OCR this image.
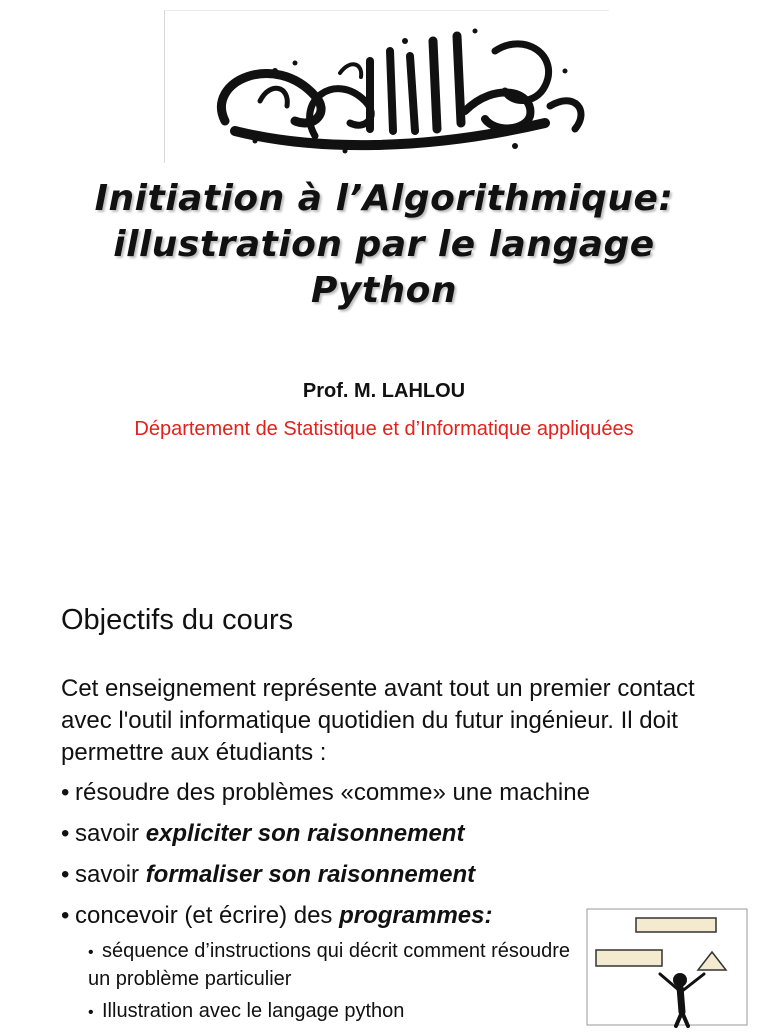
Initiation à l’Algorithmique: illustration par le langage Python
Prof. M. LAHLOU
Département de Statistique et d’Informatique appliquées
Objectifs du cours
Cet enseignement représente avant tout un premier contact avec l'outil informatique quotidien du futur ingénieur. Il doit permettre aux étudiants :
• résoudre des problèmes «comme» une machine
• savoir expliciter son raisonnement
• savoir formaliser son raisonnement
• concevoir (et écrire) des programmes:
• séquence d’instructions qui décrit comment résoudre un problème particulier
• Illustration avec le langage python
